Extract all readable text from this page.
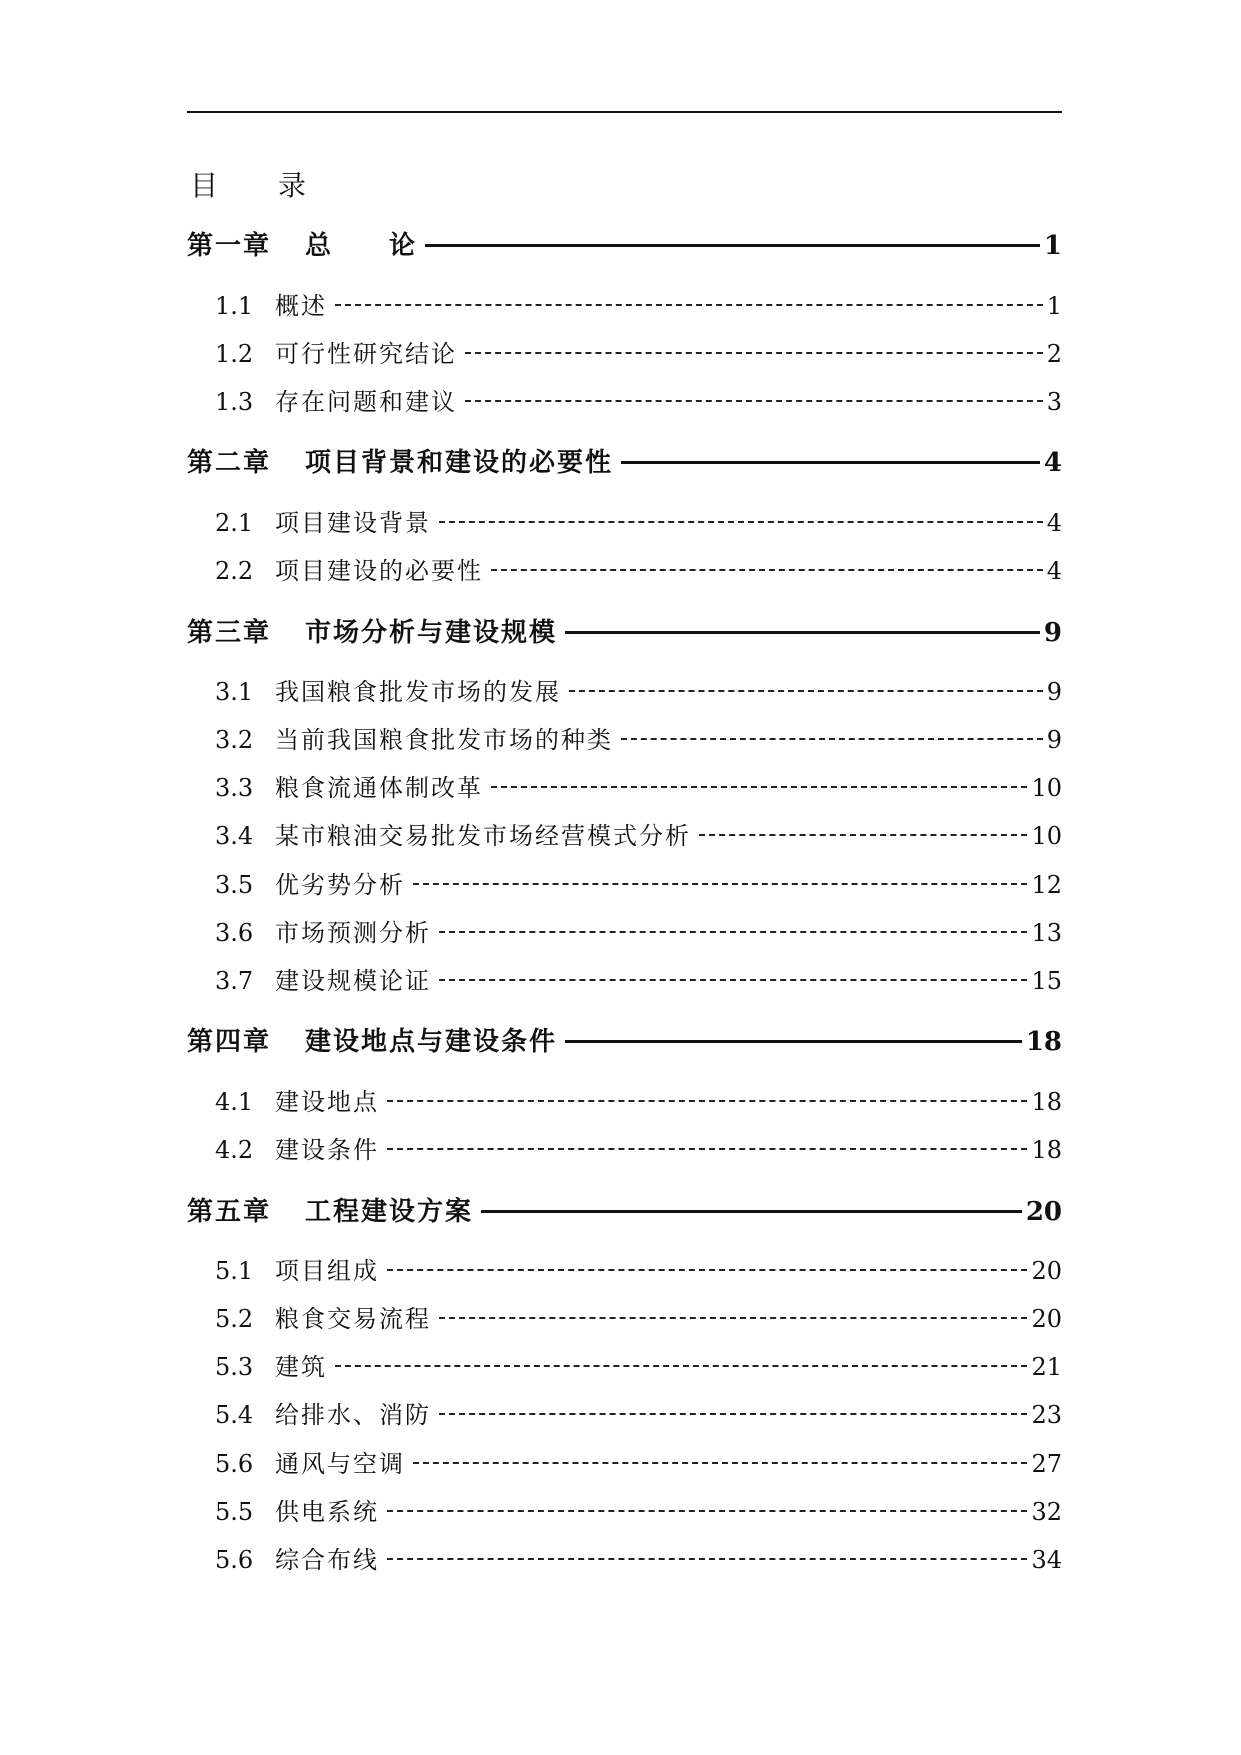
目 录
第一章 总　　论	1
1.1 概述	1
1.2 可行性研究结论	2
1.3 存在问题和建议	3
第二章 项目背景和建设的必要性	4
2.1 项目建设背景	4
2.2 项目建设的必要性	4
第三章 市场分析与建设规模	9
3.1 我国粮食批发市场的发展	9
3.2 当前我国粮食批发市场的种类	9
3.3 粮食流通体制改革	10
3.4 某市粮油交易批发市场经营模式分析	10
3.5 优劣势分析	12
3.6 市场预测分析	13
3.7 建设规模论证	15
第四章 建设地点与建设条件	18
4.1 建设地点	18
4.2 建设条件	18
第五章 工程建设方案	20
5.1 项目组成	20
5.2 粮食交易流程	20
5.3 建筑	21
5.4 给排水、消防	23
5.6 通风与空调	27
5.5 供电系统	32
5.6 综合布线	34
